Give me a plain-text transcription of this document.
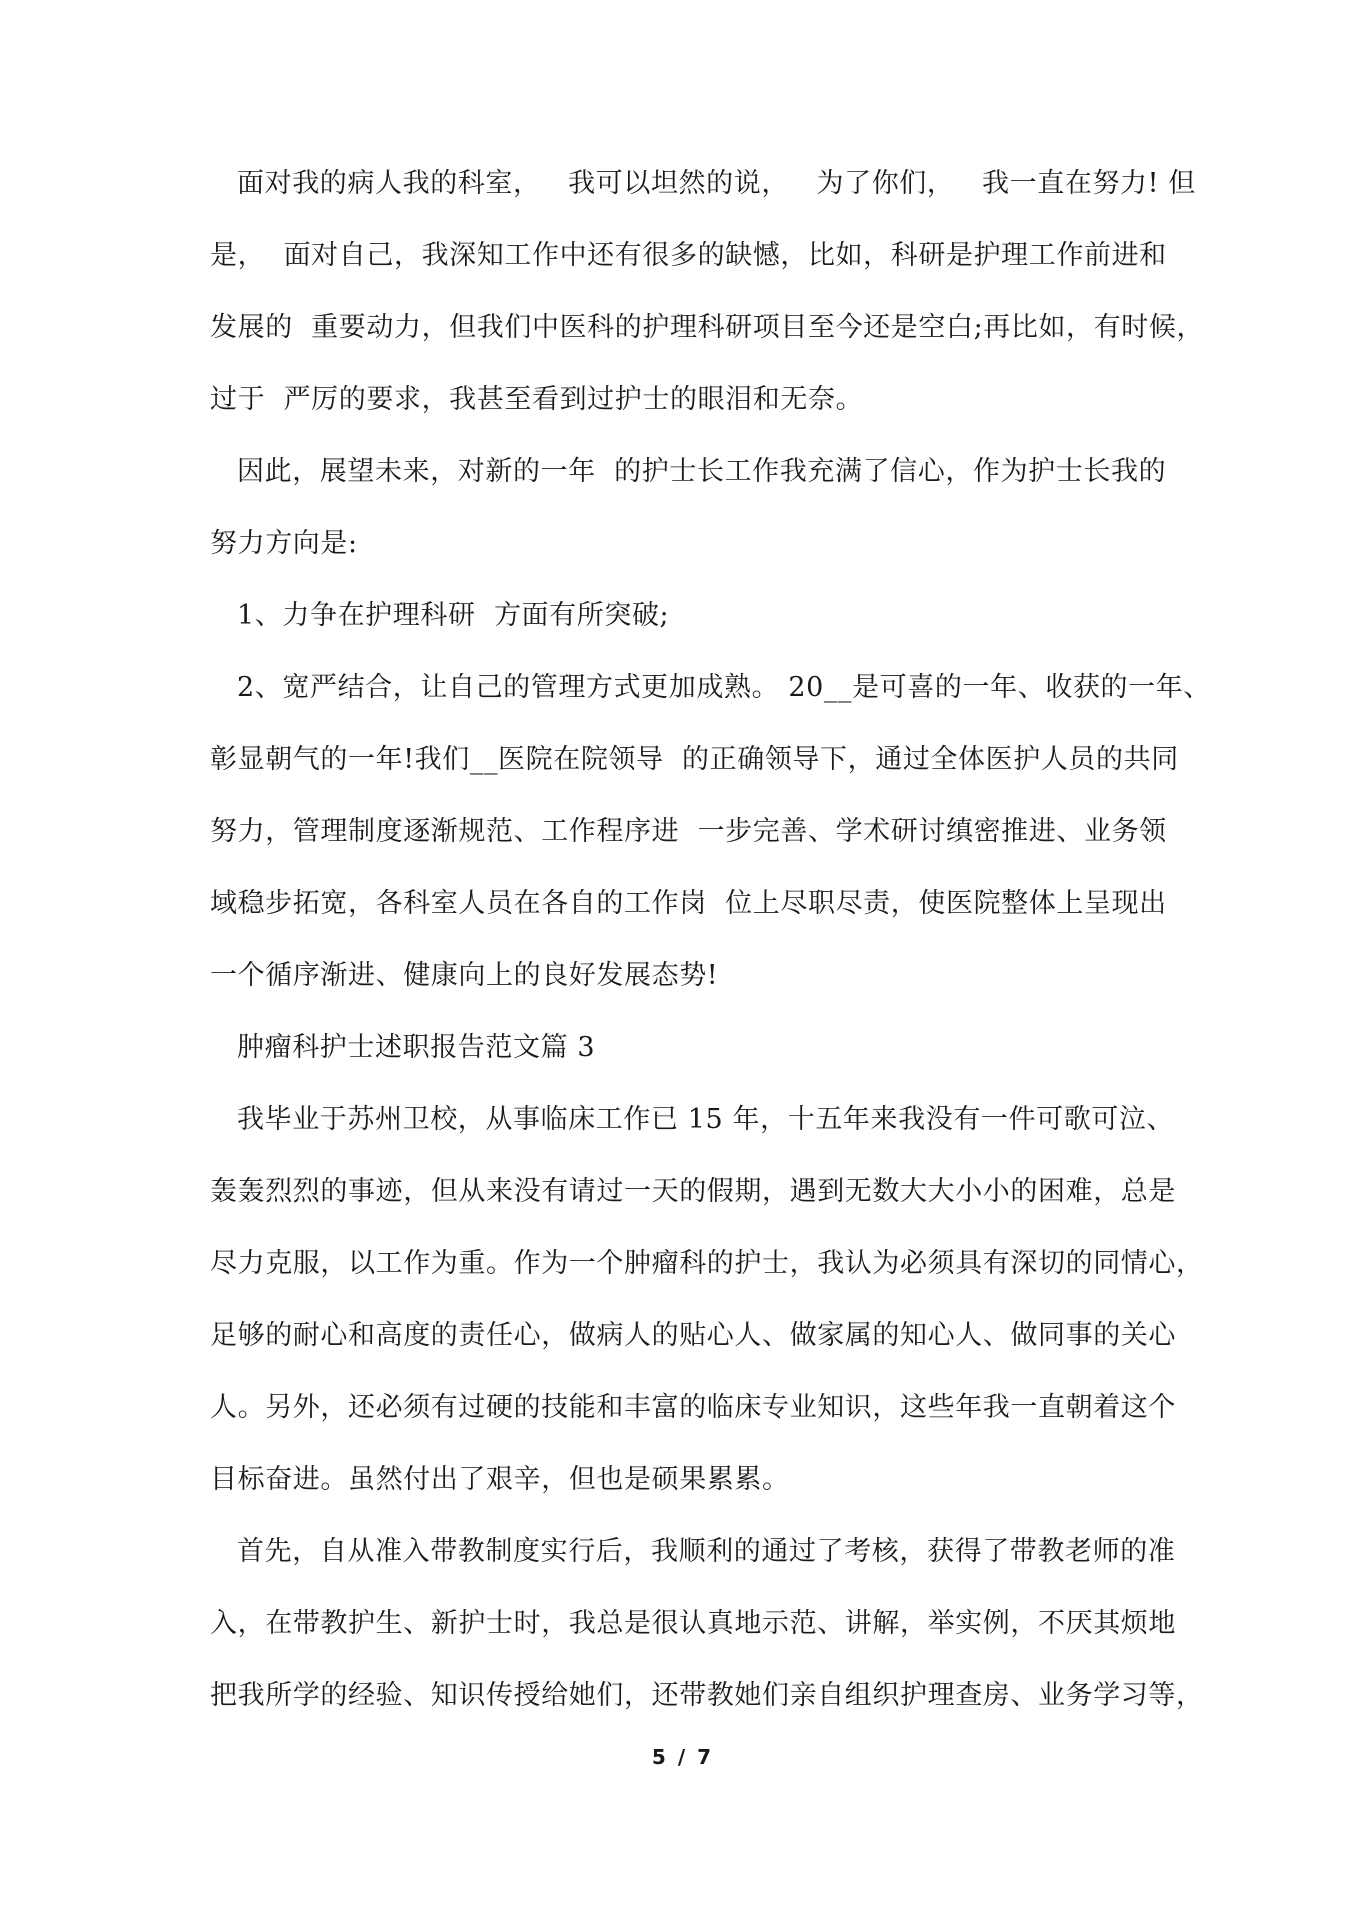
面对我的病人我的科室，   我可以坦然的说，   为了你们，   我一直在努力! 但
是，  面对自己，我深知工作中还有很多的缺憾，比如，科研是护理工作前进和
发展的  重要动力，但我们中医科的护理科研项目至今还是空白;再比如，有时候，
过于  严厉的要求，我甚至看到过护士的眼泪和无奈。
因此，展望未来，对新的一年  的护士长工作我充满了信心，作为护士长我的
努力方向是:
1、力争在护理科研  方面有所突破;
2、宽严结合，让自己的管理方式更加成熟。 20__是可喜的一年、收获的一年、
彰显朝气的一年!我们__医院在院领导  的正确领导下，通过全体医护人员的共同
努力，管理制度逐渐规范、工作程序进  一步完善、学术研讨缜密推进、业务领
域稳步拓宽，各科室人员在各自的工作岗  位上尽职尽责，使医院整体上呈现出
一个循序渐进、健康向上的良好发展态势!
肿瘤科护士述职报告范文篇 3
我毕业于苏州卫校，从事临床工作已 15 年，十五年来我没有一件可歌可泣、
轰轰烈烈的事迹，但从来没有请过一天的假期，遇到无数大大小小的困难，总是
尽力克服，以工作为重。作为一个肿瘤科的护士，我认为必须具有深切的同情心，
足够的耐心和高度的责任心，做病人的贴心人、做家属的知心人、做同事的关心
人。另外，还必须有过硬的技能和丰富的临床专业知识，这些年我一直朝着这个
目标奋进。虽然付出了艰辛，但也是硕果累累。
首先，自从准入带教制度实行后，我顺利的通过了考核，获得了带教老师的准
入，在带教护生、新护士时，我总是很认真地示范、讲解，举实例，不厌其烦地
把我所学的经验、知识传授给她们，还带教她们亲自组织护理查房、业务学习等，
5 / 7
